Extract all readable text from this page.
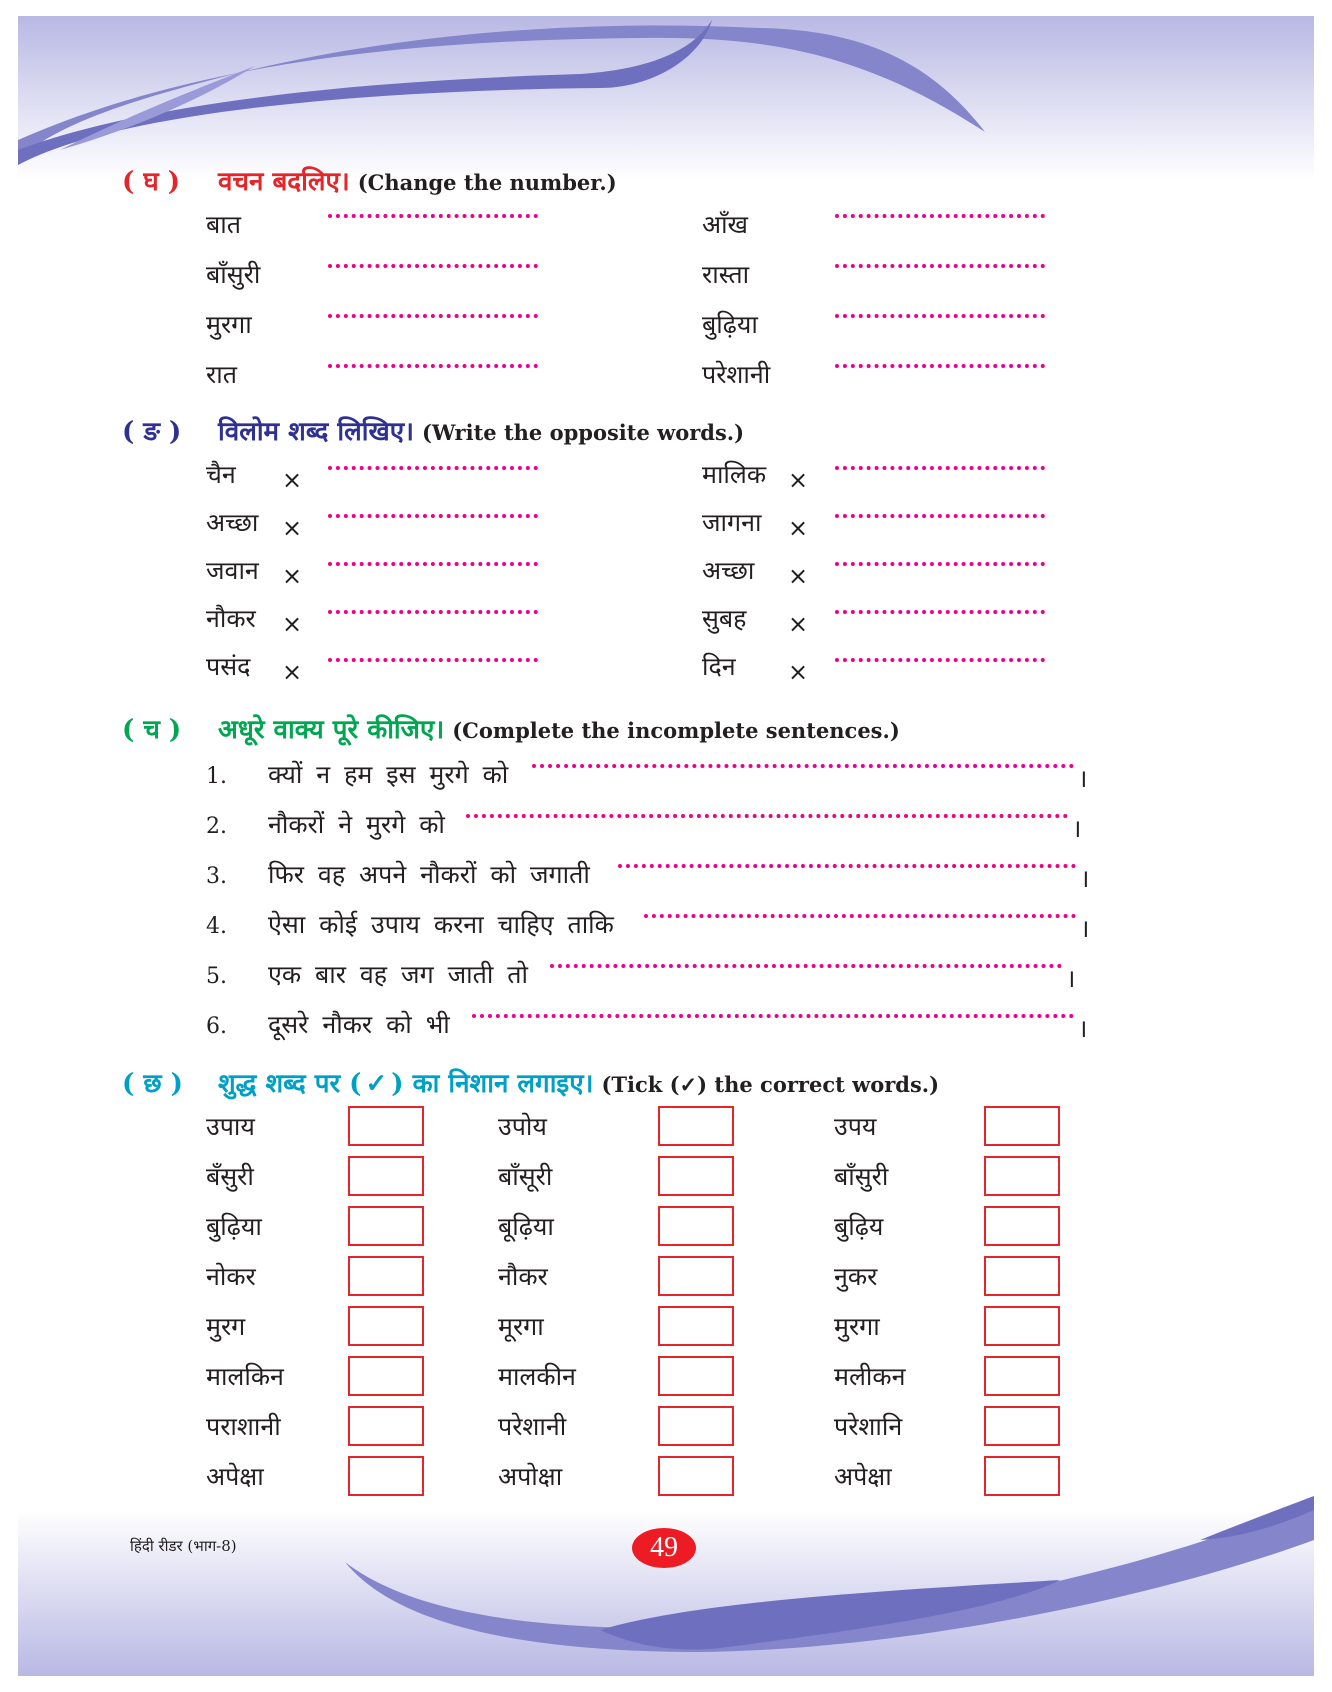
( घ ) वचन बदलिए। (Change the number.)
बात	आँख
बाँसुरी	रास्ता
मुरगा	बुढ़िया
रात	परेशानी
( ङ ) विलोम शब्द लिखिए। (Write the opposite words.)
चैन ×	मालिक ×
अच्छा ×	जागना ×
जवान ×	अच्छा ×
नौकर ×	सुबह ×
पसंद ×	दिन ×
( च ) अधूरे वाक्य पूरे कीजिए। (Complete the incomplete sentences.)
1. क्यों न हम इस मुरगे को	।
2. नौकरों ने मुरगे को	।
3. फिर वह अपने नौकरों को जगाती	।
4. ऐसा कोई उपाय करना चाहिए ताकि	।
5. एक बार वह जग जाती तो	।
6. दूसरे नौकर को भी	।
( छ ) शुद्ध शब्द पर ( ✓ ) का निशान लगाइए। (Tick (✓) the correct words.)
उपाय	उपोय	उपय
बँसुरी	बाँसूरी	बाँसुरी
बुढ़िया	बूढ़िया	बुढ़िय
नोकर	नौकर	नुकर
मुरग	मूरगा	मुरगा
मालकिन	मालकीन	मलीकन
पराशानी	परेशानी	परेशानि
अपेक्षा	अपोक्षा	अपेक्षा
हिंदी रीडर (भाग-8)	49
